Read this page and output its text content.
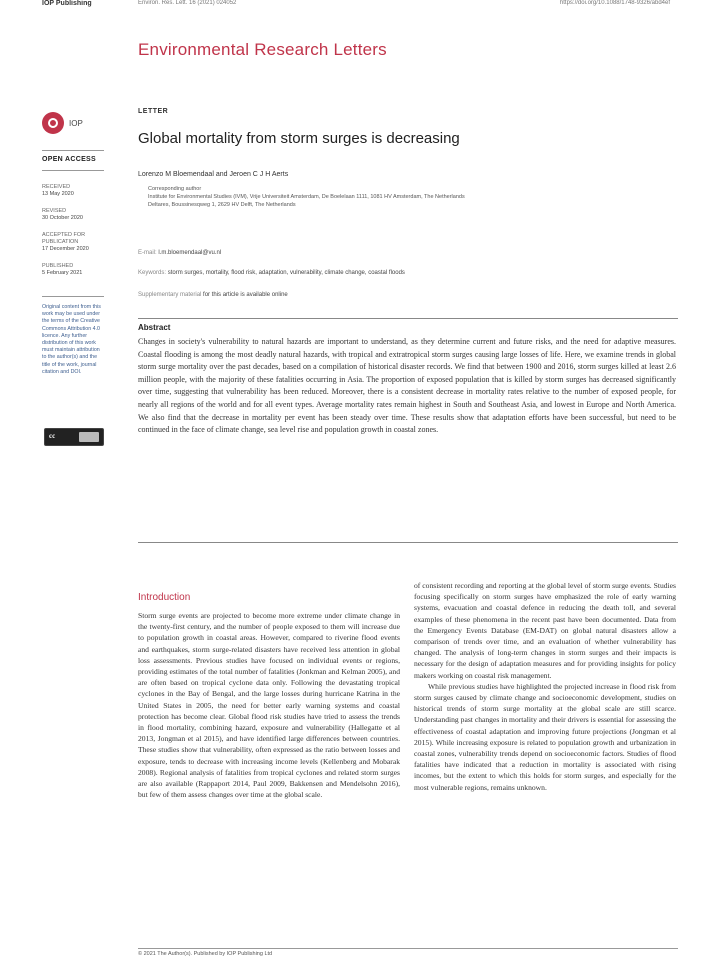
IOP Publishing	Environ. Res. Lett. 16 (2021) 024052	https://doi.org/10.1088/1748-9326/abd4ef
Environmental Research Letters
IOP
OPEN ACCESS
RECEIVED
13 May 2020
REVISED
30 October 2020
ACCEPTED FOR PUBLICATION
17 December 2020
PUBLISHED
5 February 2021
Original content from this work may be used under the terms of the Creative Commons Attribution 4.0 licence. Any further distribution of this work must maintain attribution to the author(s) and the title of the work, journal citation and DOI.
cc
LETTER
Global mortality from storm surges is decreasing
Lorenzo M Bloemendaal and Jeroen C J H Aerts
Corresponding author
Institute for Environmental Studies (IVM), Vrije Universiteit Amsterdam, De Boelelaan 1111, 1081 HV Amsterdam, The Netherlands
Deltares, Boussinesqweg 1, 2629 HV Delft, The Netherlands
E-mail: l.m.bloemendaal@vu.nl
Keywords: storm surges, mortality, flood risk, adaptation, vulnerability, climate change, coastal floods
Supplementary material for this article is available online
Abstract
Changes in society's vulnerability to natural hazards are important to understand, as they determine current and future risks, and the need for adaptive measures. Coastal flooding is among the most deadly natural hazards, with tropical and extratropical storm surges causing large losses of life. Here, we examine trends in global storm surge mortality over the past decades, based on a compilation of historical disaster records. We find that between 1900 and 2016, storm surges killed at least 2.6 million people, with the majority of these fatalities occurring in Asia. The proportion of exposed population that is killed by storm surges has decreased significantly over time, suggesting that vulnerability has been reduced. Moreover, there is a consistent decrease in mortality rates relative to the number of exposed people, for nearly all regions of the world and for all event types. Average mortality rates remain highest in South and Southeast Asia, and lowest in Europe and North America. We also find that the decrease in mortality per event has been steady over time. These results show that adaptation efforts have been successful, but need to be continued in the face of climate change, sea level rise and population growth in coastal zones.
Introduction

Storm surge events are projected to become more extreme under climate change in the twenty-first century, and the number of people exposed to them will increase due to population growth in coastal areas. However, compared to riverine flood events and earthquakes, storm surge-related disasters have received less attention in global loss assessments. Previous studies have focused on individual events or regions, providing estimates of the total number of fatalities (Jonkman and Kelman 2005), and are often based on tropical cyclone data only. Following the devastating tropical cyclones in the Bay of Bengal, and the large losses during hurricane Katrina in the United States in 2005, the need for better early warning systems and coastal protection has become clear. Global flood risk studies have tried to assess the trends in flood mortality, combining hazard, exposure and vulnerability (Hallegatte et al 2013, Jongman et al 2015), and have identified large differences between countries. These studies show that vulnerability, often expressed as the ratio between losses and exposure, tends to decrease with increasing income levels (Kellenberg and Mobarak 2008). Regional analysis of fatalities from tropical cyclones and related storm surges are also available (Rappaport 2014, Paul 2009, Bakkensen and Mendelsohn 2016), but few of them assess changes over time at the global scale.

of consistent recording and reporting at the global level of storm surge events. Studies focusing specifically on storm surges have emphasized the role of early warning systems, evacuation and coastal defence in reducing the death toll, and several examples of these phenomena in the recent past have been documented. Data from the Emergency Events Database (EM-DAT) on global natural disasters allow a comparison of trends over time, and an evaluation of whether vulnerability has changed. The analysis of long-term changes in storm surges and their impacts is necessary for the design of adaptation measures and for providing insights for policy makers working on coastal risk management.

While previous studies have highlighted the projected increase in flood risk from storm surges caused by climate change and socioeconomic development, studies on historical trends of storm surge mortality at the global scale are still scarce. Understanding past changes in mortality and their drivers is essential for assessing the effectiveness of coastal adaptation and improving future projections (Jongman et al 2015). While increasing exposure is related to population growth and urbanization in coastal zones, vulnerability trends depend on socioeconomic factors. Studies of flood fatalities have indicated that a reduction in mortality is associated with rising incomes, but the extent to which this holds for storm surges, and especially for the most vulnerable regions, remains unknown.

© 2021 The Author(s). Published by IOP Publishing Ltd
